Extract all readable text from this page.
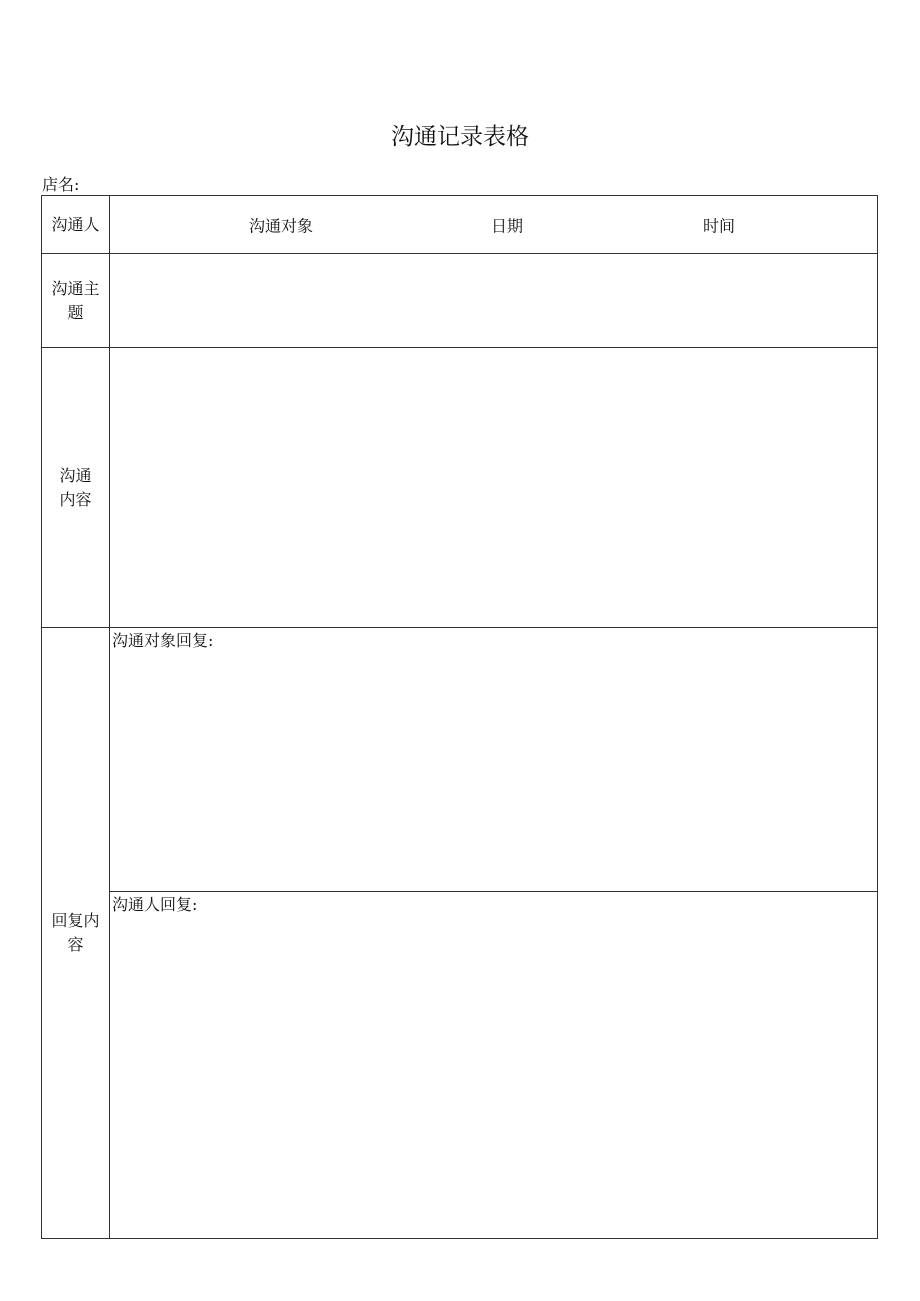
沟通记录表格
店名:
沟通人	沟通对象 日期 时间

沟通主
题	

沟通
内容	

回复内
容	沟通对象回复:
	沟通人回复:
